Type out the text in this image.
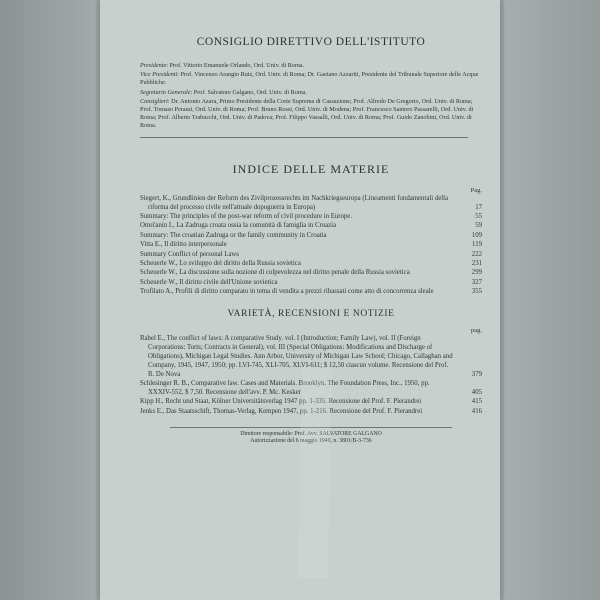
CONSIGLIO DIRETTIVO DELL'ISTITUTO

Presidente: Prof. Vittorio Emanuele Orlando, Ord. Univ. di Roma.

Vice Presidenti: Prof. Vincenzo Arangio Ruiz, Ord. Univ. di Roma; Dr. Gaetano Azzariti, Presidente del Tribunale Superiore delle Acque Pubbliche.

Segretario Generale: Prof. Salvatore Galgano, Ord. Univ. di Roma.

Consiglieri: Dr. Antonio Azara, Primo Presidente della Corte Suprema di Cassazione; Prof. Alfredo De Gregorio, Ord. Univ. di Roma; Prof. Tomaso Perassi, Ord. Univ. di Roma; Prof. Bruno Rossi, Ord. Univ. di Modena; Prof. Francesco Santoro Passarelli, Ord. Univ. di Roma; Prof. Alberto Trabucchi, Ord. Univ. di Padova; Prof. Filippo Vassalli, Ord. Univ. di Roma; Prof. Guido Zanobini, Ord. Univ. di Roma.

INDICE DELLE MATERIE
Pag.
Siegert, K., Grundlinien der Reform des Zivilprozessrechts im Nachkriegseuropa (Lineamenti fondamentali della riforma del processo civile nell'attuale dopoguerra in Europa)	17
Summary: The principles of the post-war reform of civil procedure in Europe.	55
Omrčanin I., La Zadruga croata ossia la comunità di famiglia in Croazia	59
Summary: The croatian Zadruga or the family community in Croatia	109
Vitta E., Il diritto interpersonale	119
Summary Conflict of personal Laws	222
Scheuerle W., Lo sviluppo del diritto della Russia sovietica	231
Scheuerle W., La discussione sulla nozione di colpevolezza nel diritto penale della Russia sovietica	299
Scheuerle W., Il diritto civile dell'Unione sovietica	327
Trofilato A., Profili di diritto comparato in tema di vendita a prezzi ribassati come atto di concorrenza sleale	355
VARIETÀ, RECENSIONI E NOTIZIE
pag.
Rabel E., The conflict of laws: A comparative Study. vol. I (Introduction; Family Law), vol. II (Foreign Corporations: Torts; Contracts in General), vol. III (Special Obligations: Modifications and Discharge of Obligations), Michigan Legal Studies. Ann Arbor, University of Michigan Law School; Chicago, Callaghan and Company, 1945, 1947, 1950; pp. LVI-745, XLI-705, XLVI-611; $ 12,50 ciascun volume. Recensione del Prof. R. De Nova	379
Schlesinger R. B., Comparative law. Cases and Materials. Brooklyn, The Foundation Press, Inc., 1950, pp. XXXIV-552, $ 7,50. Recensione dell'avv. P. Mc. Kesker	405
Kipp H., Recht und Staat, Kölner Universitätsverlag 1947 pp. 1-335. Recensione del Prof. F. Pierandrei	415
Jenks E., Das Staatsschift, Thomas-Verlag, Kempen 1947, pp. 1-216. Recensione del Prof. F. Pierandrei	416
Direttore responsabile: Prof. Avv. SALVATORE GALGANO
Autorizzazione del 6 maggio 1949, n. 3801/B-3-736
